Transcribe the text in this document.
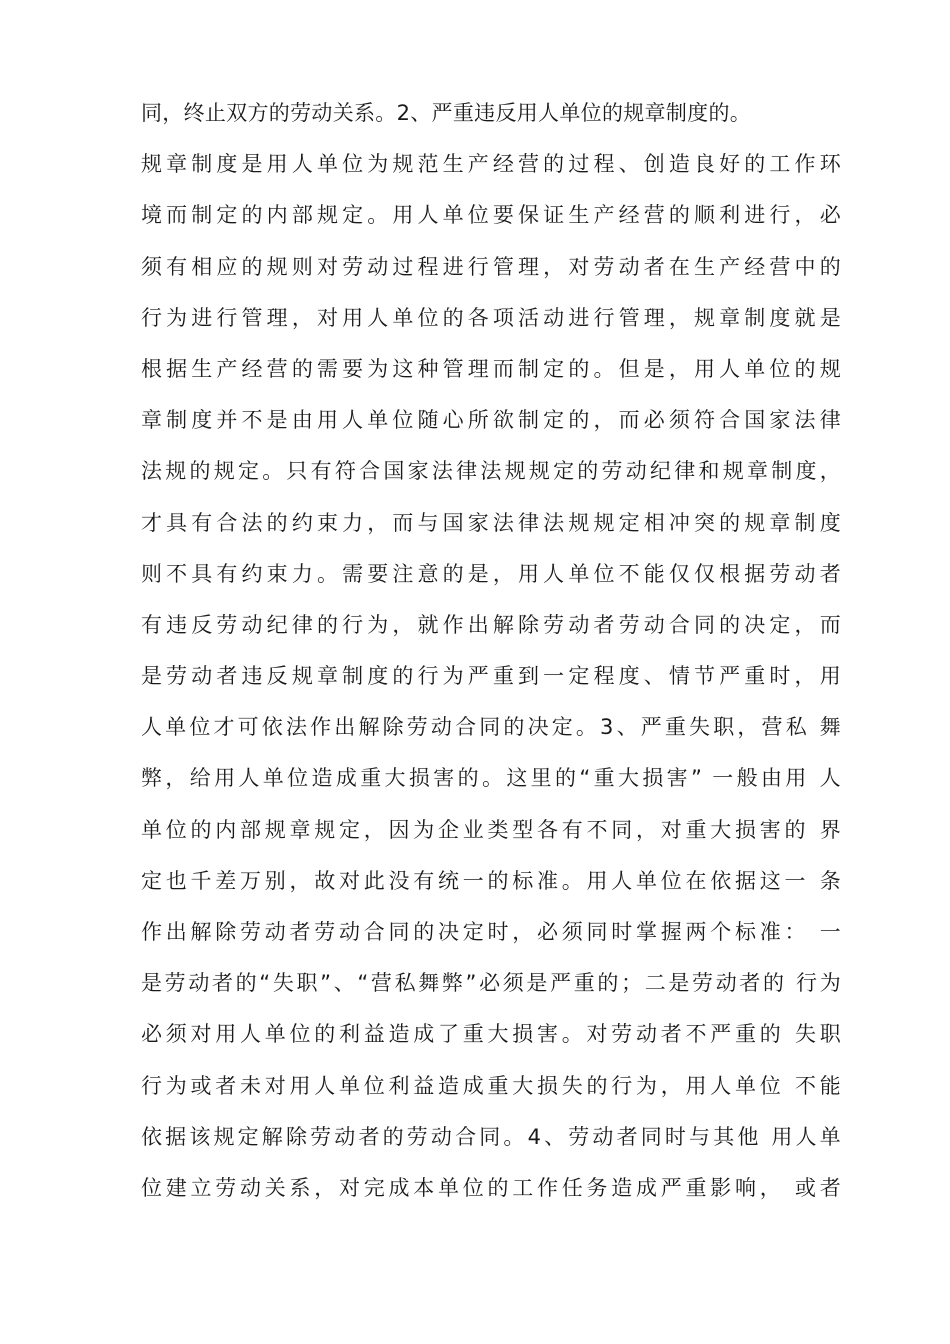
同，终止双方的劳动关系。2、严重违反用人单位的规章制度的。
规章制度是用人单位为规范生产经营的过程、创造良好的工作环
境而制定的内部规定。用人单位要保证生产经营的顺利进行，必
须有相应的规则对劳动过程进行管理，对劳动者在生产经营中的
行为进行管理，对用人单位的各项活动进行管理，规章制度就是
根据生产经营的需要为这种管理而制定的。但是，用人单位的规
章制度并不是由用人单位随心所欲制定的，而必须符合国家法律
法规的规定。只有符合国家法律法规规定的劳动纪律和规章制度，
才具有合法的约束力，而与国家法律法规规定相冲突的规章制度
则不具有约束力。需要注意的是，用人单位不能仅仅根据劳动者
有违反劳动纪律的行为，就作出解除劳动者劳动合同的决定，而
是劳动者违反规章制度的行为严重到一定程度、情节严重时，用
人单位才可依法作出解除劳动合同的决定。3、严重失职，营私 舞
弊，给用人单位造成重大损害的。这里的“重大损害” 一般由用 人
单位的内部规章规定，因为企业类型各有不同，对重大损害的 界
定也千差万别，故对此没有统一的标准。用人单位在依据这一 条
作出解除劳动者劳动合同的决定时，必须同时掌握两个标准： 一
是劳动者的“失职”、“营私舞弊”必须是严重的；二是劳动者的 行为
必须对用人单位的利益造成了重大损害。对劳动者不严重的 失职
行为或者未对用人单位利益造成重大损失的行为，用人单位 不能
依据该规定解除劳动者的劳动合同。4、劳动者同时与其他 用人单
位建立劳动关系，对完成本单位的工作任务造成严重影响， 或者
